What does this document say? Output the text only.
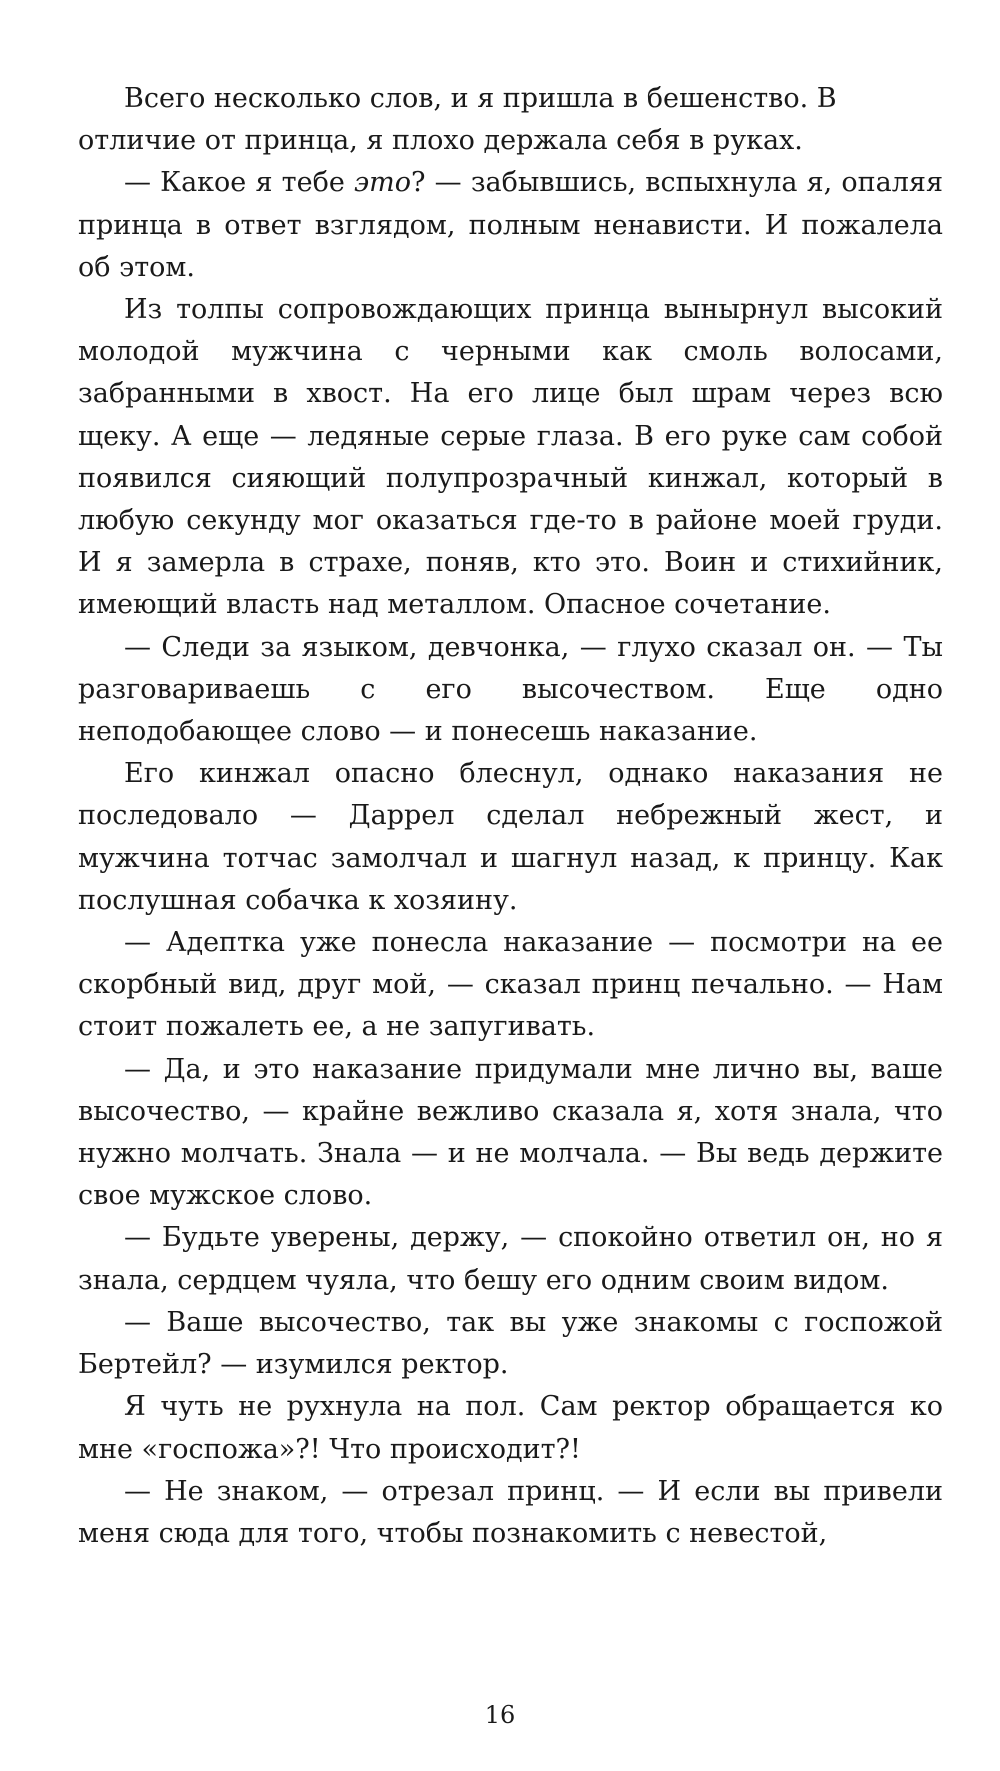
Всего несколько слов, и я пришла в бешенство. В отличие от принца, я плохо держала себя в руках.

— Какое я тебе это? — забывшись, вспыхнула я, опаляя принца в ответ взглядом, полным ненависти. И пожалела об этом.

Из толпы сопровождающих принца вынырнул высокий молодой мужчина с черными как смоль волосами, забранными в хвост. На его лице был шрам через всю щеку. А еще — ледяные серые глаза. В его руке сам собой появился сияющий полупрозрачный кинжал, который в любую секунду мог оказаться где-то в районе моей груди. И я замерла в страхе, поняв, кто это. Воин и стихийник, имеющий власть над металлом. Опасное сочетание.

— Следи за языком, девчонка, — глухо сказал он. — Ты разговариваешь с его высочеством. Еще одно неподобающее слово — и понесешь наказание.

Его кинжал опасно блеснул, однако наказания не последовало — Даррел сделал небрежный жест, и мужчина тотчас замолчал и шагнул назад, к принцу. Как послушная собачка к хозяину.

— Адептка уже понесла наказание — посмотри на ее скорбный вид, друг мой, — сказал принц печально. — Нам стоит пожалеть ее, а не запугивать.

— Да, и это наказание придумали мне лично вы, ваше высочество, — крайне вежливо сказала я, хотя знала, что нужно молчать. Знала — и не молчала. — Вы ведь держите свое мужское слово.

— Будьте уверены, держу, — спокойно ответил он, но я знала, сердцем чуяла, что бешу его одним своим видом.

— Ваше высочество, так вы уже знакомы с госпожой Бертейл? — изумился ректор.

Я чуть не рухнула на пол. Сам ректор обращается ко мне «госпожа»?! Что происходит?!

— Не знаком, — отрезал принц. — И если вы привели меня сюда для того, чтобы познакомить с невестой,

16
